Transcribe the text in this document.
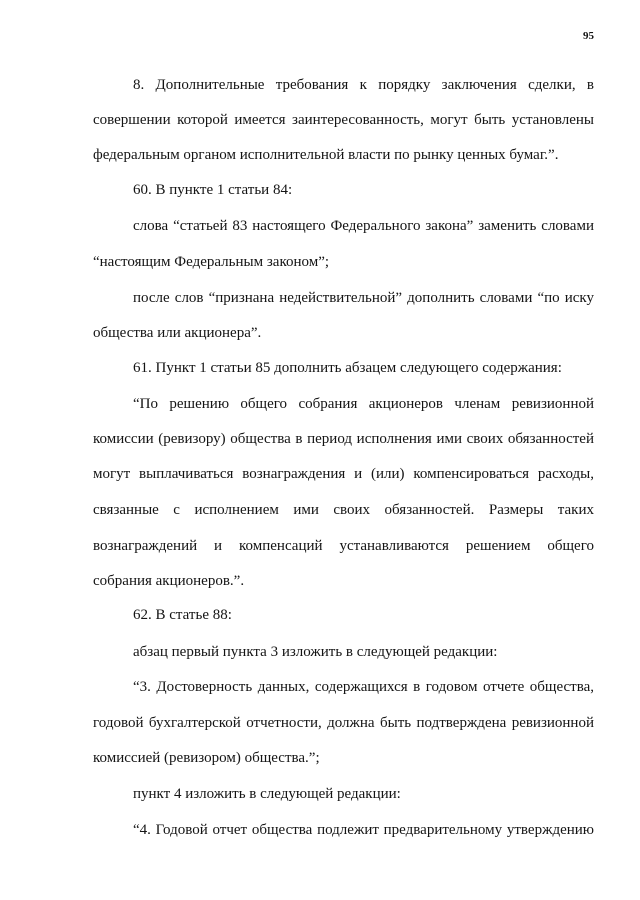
95
8. Дополнительные требования к порядку заключения сделки, в
совершении которой имеется заинтересованность, могут быть установлены
федеральным органом исполнительной власти по рынку ценных бумаг.”.
60. В пункте 1 статьи 84:
слова “статьей 83 настоящего Федерального закона” заменить словами
“настоящим Федеральным законом”;
после слов “признана недействительной” дополнить словами “по иску
общества или акционера”.
61. Пункт 1 статьи 85 дополнить абзацем следующего содержания:
“По решению общего собрания акционеров членам ревизионной
комиссии (ревизору) общества в период исполнения ими своих обязанностей
могут выплачиваться вознаграждения и (или) компенсироваться расходы,
связанные с исполнением ими своих обязанностей. Размеры таких
вознаграждений и компенсаций устанавливаются решением общего
собрания акционеров.”.
62. В статье 88:
абзац первый пункта 3 изложить в следующей редакции:
“3. Достоверность данных, содержащихся в годовом отчете общества,
годовой бухгалтерской отчетности, должна быть подтверждена ревизионной
комиссией (ревизором) общества.”;
пункт 4 изложить в следующей редакции:
“4. Годовой отчет общества подлежит предварительному утверждению
